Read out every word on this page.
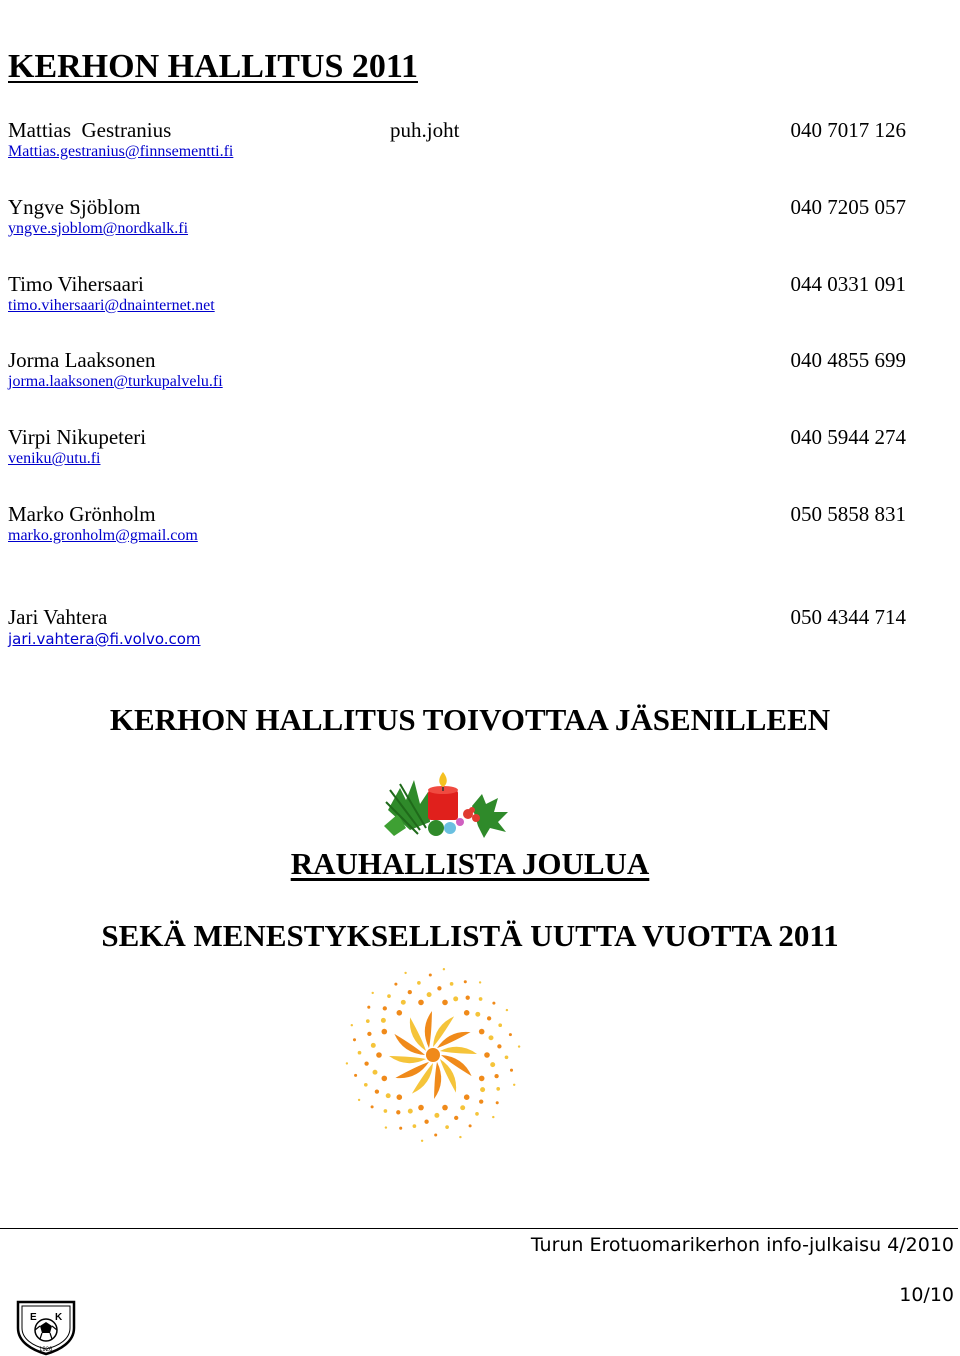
KERHON HALLITUS 2011
Mattias  Gestranius	puh.joht	040 7017 126
Mattias.gestranius@finnsementti.fi
Yngve Sjöblom	040 7205 057
yngve.sjoblom@nordkalk.fi
Timo Vihersaari	044 0331 091
timo.vihersaari@dnainternet.net
Jorma Laaksonen	040 4855 699
jorma.laaksonen@turkupalvelu.fi
Virpi Nikupeteri	040 5944 274
veniku@utu.fi
Marko Grönholm	050 5858 831
marko.gronholm@gmail.com
Jari Vahtera	050 4344 714
jari.vahtera@fi.volvo.com
KERHON HALLITUS TOIVOTTAA JÄSENILLEEN
RAUHALLISTA JOULUA
SEKÄ MENESTYKSELLISTÄ UUTTA VUOTTA 2011
Turun Erotuomarikerhon info-julkaisu 4/2010
10/10
E K
1926
